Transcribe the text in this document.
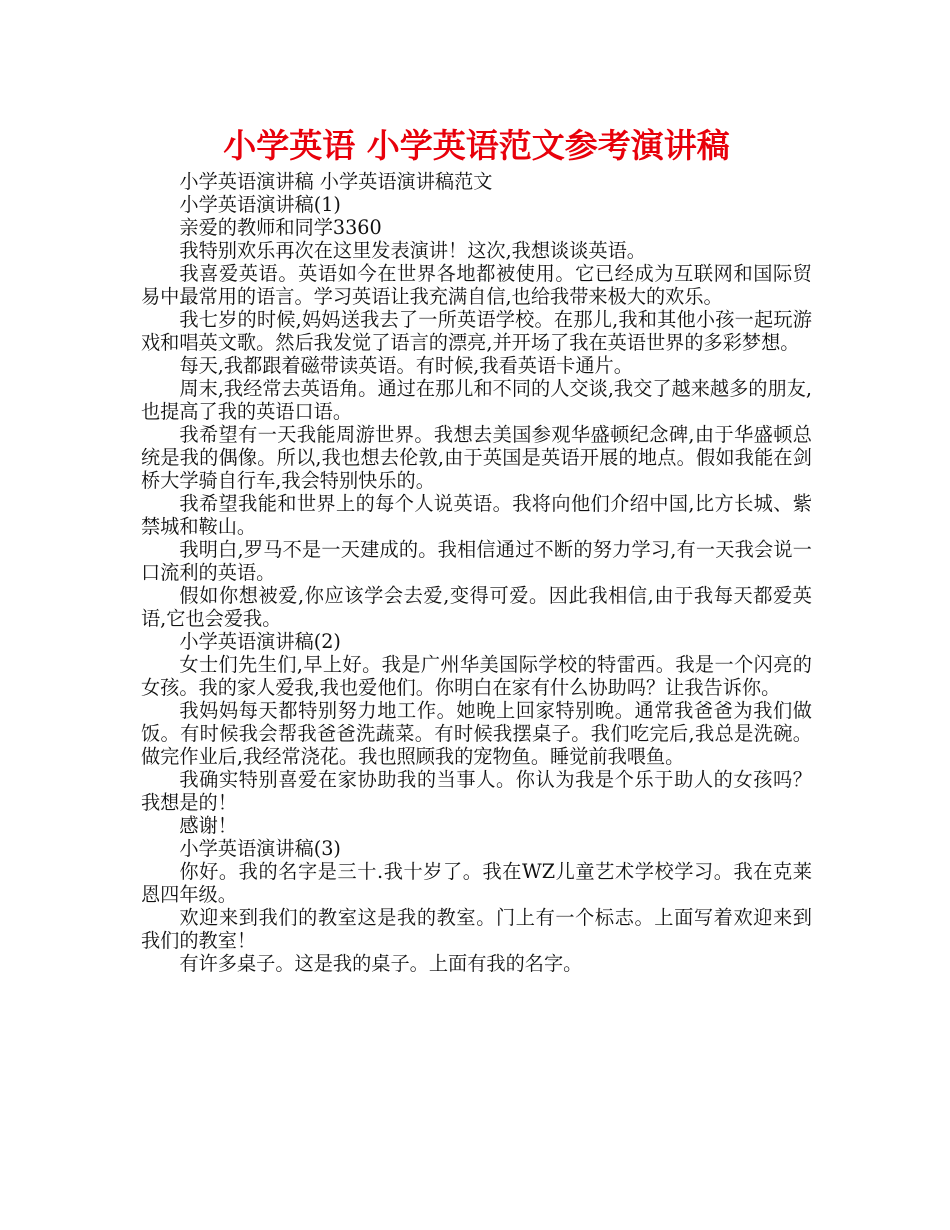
小学英语 小学英语范文参考演讲稿

小学英语演讲稿 小学英语演讲稿范文

小学英语演讲稿(1)

亲爱的教师和同学3360

我特别欢乐再次在这里发表演讲！这次,我想谈谈英语。

我喜爱英语。英语如今在世界各地都被使用。它已经成为互联网和国际贸易中最常用的语言。学习英语让我充满自信,也给我带来极大的欢乐。

我七岁的时候,妈妈送我去了一所英语学校。在那儿,我和其他小孩一起玩游戏和唱英文歌。然后我发觉了语言的漂亮,并开场了我在英语世界的多彩梦想。

每天,我都跟着磁带读英语。有时候,我看英语卡通片。

周末,我经常去英语角。通过在那儿和不同的人交谈,我交了越来越多的朋友,也提高了我的英语口语。

我希望有一天我能周游世界。我想去美国参观华盛顿纪念碑,由于华盛顿总统是我的偶像。所以,我也想去伦敦,由于英国是英语开展的地点。假如我能在剑桥大学骑自行车,我会特别快乐的。

我希望我能和世界上的每个人说英语。我将向他们介绍中国,比方长城、紫禁城和鞍山。

我明白,罗马不是一天建成的。我相信通过不断的努力学习,有一天我会说一口流利的英语。

假如你想被爱,你应该学会去爱,变得可爱。因此我相信,由于我每天都爱英语,它也会爱我。

小学英语演讲稿(2)

女士们先生们,早上好。我是广州华美国际学校的特雷西。我是一个闪亮的女孩。我的家人爱我,我也爱他们。你明白在家有什么协助吗？让我告诉你。

我妈妈每天都特别努力地工作。她晚上回家特别晚。通常我爸爸为我们做饭。有时候我会帮我爸爸洗蔬菜。有时候我摆桌子。我们吃完后,我总是洗碗。做完作业后,我经常浇花。我也照顾我的宠物鱼。睡觉前我喂鱼。

我确实特别喜爱在家协助我的当事人。你认为我是个乐于助人的女孩吗？我想是的！

感谢！

小学英语演讲稿(3)

你好。我的名字是三十.我十岁了。我在WZ儿童艺术学校学习。我在克莱恩四年级。

欢迎来到我们的教室这是我的教室。门上有一个标志。上面写着欢迎来到我们的教室！

有许多桌子。这是我的桌子。上面有我的名字。
